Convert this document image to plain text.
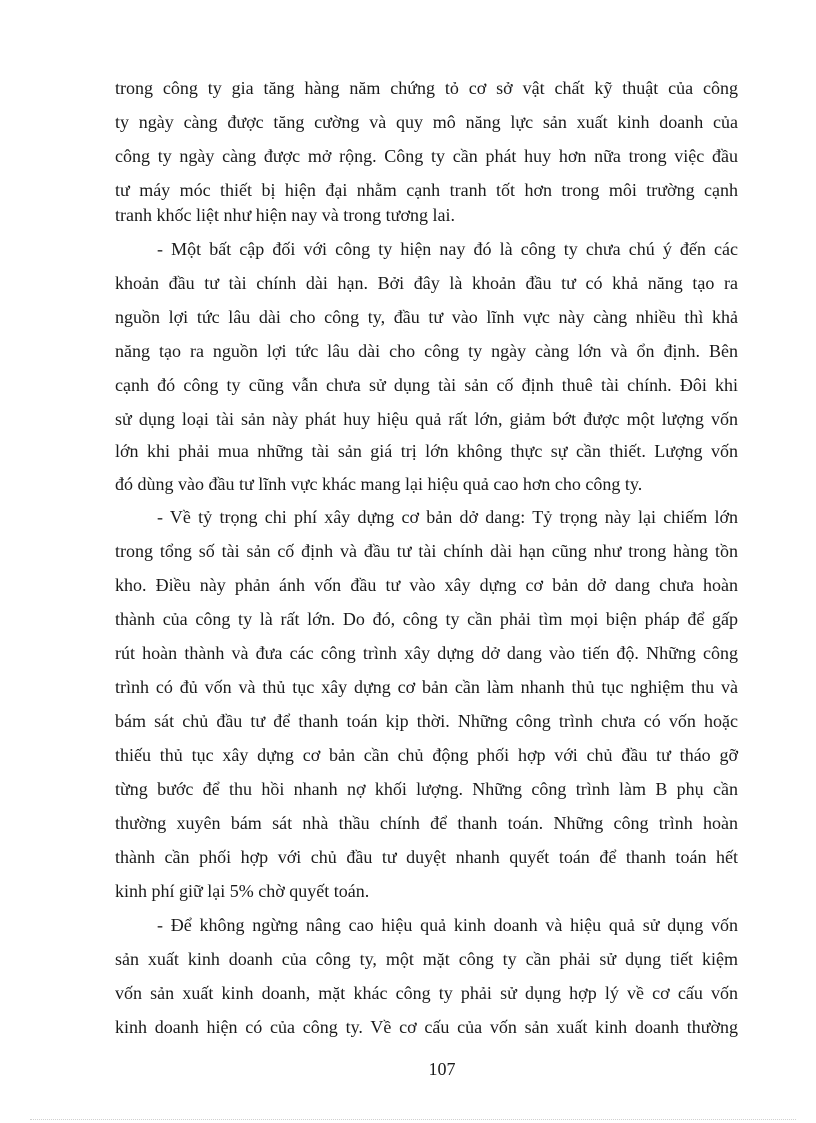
trong công ty gia tăng hàng năm chứng tỏ cơ sở vật chất kỹ thuật của công
ty ngày càng được tăng cường và quy mô năng lực sản xuất kinh doanh của
công ty ngày càng được mở rộng. Công ty cần phát huy hơn nữa trong việc đầu
tư máy móc thiết bị hiện đại nhằm cạnh tranh tốt hơn trong môi trường cạnh
tranh khốc liệt như hiện nay và trong tương lai.
- Một bất cập đối với công ty hiện nay đó là công ty chưa chú ý đến các
khoản đầu tư tài chính dài hạn. Bởi đây là khoản đầu tư có khả năng tạo ra
nguồn lợi tức lâu dài cho công ty, đầu tư vào lĩnh vực này càng nhiều thì khả
năng tạo ra nguồn lợi tức lâu dài cho công ty ngày càng lớn và ổn định. Bên
cạnh đó công ty cũng vẫn chưa sử dụng tài sản cố định thuê tài chính. Đôi khi
sử dụng loại tài sản này phát huy hiệu quả rất lớn, giảm bớt được một lượng vốn
lớn khi phải mua những tài sản giá trị lớn không thực sự cần thiết. Lượng vốn
đó dùng vào đầu tư lĩnh vực khác mang lại hiệu quả cao hơn cho công ty.
- Về tỷ trọng chi phí xây dựng cơ bản dở dang: Tỷ trọng này lại chiếm lớn
trong tổng số tài sản cố định và đầu tư tài chính dài hạn cũng như trong hàng tồn
kho. Điều này phản ánh vốn đầu tư vào xây dựng cơ bản dở dang chưa hoàn
thành của công ty là rất lớn. Do đó, công ty cần phải tìm mọi biện pháp để gấp
rút hoàn thành và đưa các công trình xây dựng dở dang vào tiến độ. Những công
trình có đủ vốn và thủ tục xây dựng cơ bản cần làm nhanh thủ tục nghiệm thu và
bám sát chủ đầu tư để thanh toán kịp thời. Những công trình chưa có vốn hoặc
thiếu thủ tục xây dựng cơ bản cần chủ động phối hợp với chủ đầu tư tháo gỡ
từng bước để thu hồi nhanh nợ khối lượng. Những công trình làm B phụ cần
thường xuyên bám sát nhà thầu chính để thanh toán. Những công trình hoàn
thành cần phối hợp với chủ đầu tư duyệt nhanh quyết toán để thanh toán hết
kinh phí giữ lại 5% chờ quyết toán.
- Để không ngừng nâng cao hiệu quả kinh doanh và hiệu quả sử dụng vốn
sản xuất kinh doanh của công ty, một mặt công ty cần phải sử dụng tiết kiệm
vốn sản xuất kinh doanh, mặt khác công ty phải sử dụng hợp lý về cơ cấu vốn
kinh doanh hiện có của công ty. Về cơ cấu của vốn sản xuất kinh doanh thường
107
